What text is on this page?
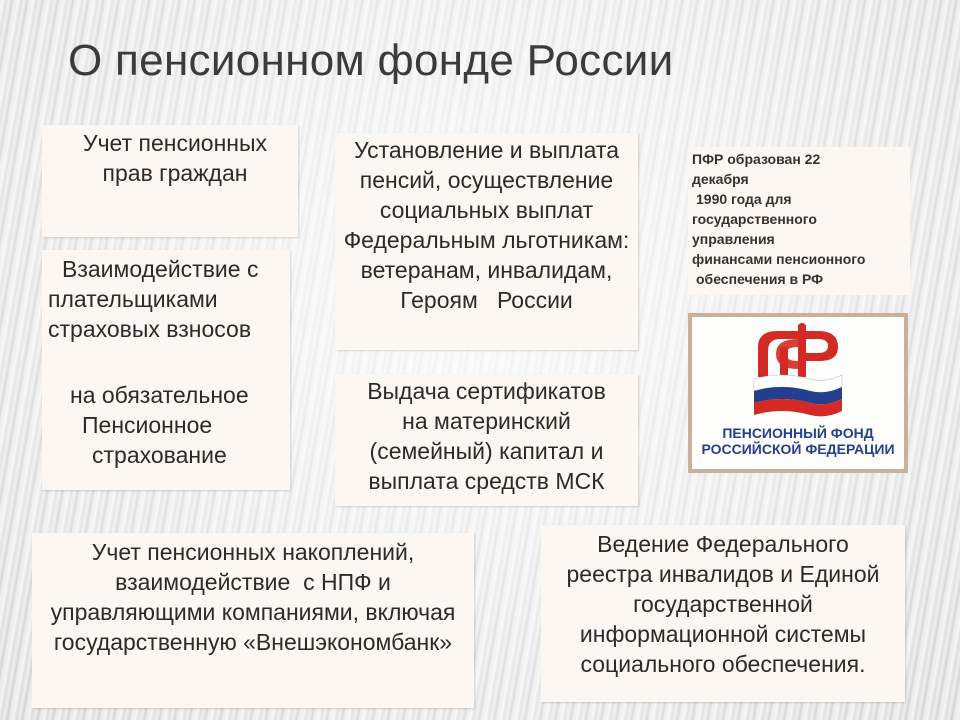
О пенсионном фонде России
Учет пенсионных
прав граждан
Взаимодействие с
плательщиками
страховых взносов
на обязательное
Пенсионное
страхование
Установление и выплата
пенсий, осуществление
социальных выплат
Федеральным льготникам:
ветеранам, инвалидам,
Героям   России
Выдача сертификатов
на материнский
(семейный) капитал и
выплата средств МСК
ПФР образован 22
декабря
1990 года для
государственного
управления
финансами пенсионного
обеспечения в РФ
ПЕНСИОННЫЙ ФОНД
РОССИЙСКОЙ ФЕДЕРАЦИИ
Учет пенсионных накоплений,
взаимодействие  с НПФ и
управляющими компаниями, включая
государственную «Внешэкономбанк»
Ведение Федерального
реестра инвалидов и Единой
государственной
информационной системы
социального обеспечения.
